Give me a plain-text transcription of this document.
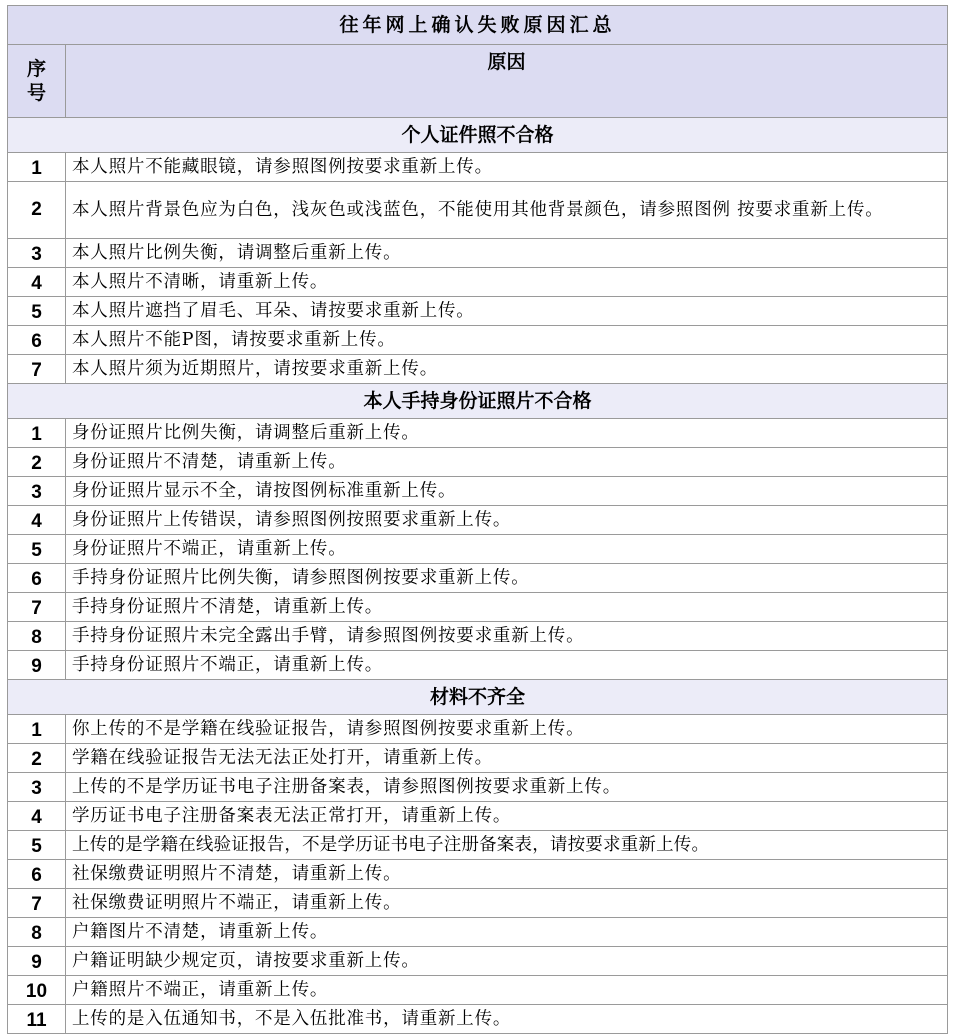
往年网上确认失败原因汇总	
序
号	原因
个人证件照不合格	
1	本人照片不能藏眼镜，请参照图例按要求重新上传。
2	本人照片背景色应为白色，浅灰色或浅蓝色，不能使用其他背景颜色，请参照图例 按要求重新上传。
3	本人照片比例失衡，请调整后重新上传。
4	本人照片不清晰，请重新上传。
5	本人照片遮挡了眉毛、耳朵、请按要求重新上传。
6	本人照片不能P图，请按要求重新上传。
7	本人照片须为近期照片，请按要求重新上传。
本人手持身份证照片不合格	
1	身份证照片比例失衡，请调整后重新上传。
2	身份证照片不清楚，请重新上传。
3	身份证照片显示不全，请按图例标准重新上传。
4	身份证照片上传错误，请参照图例按照要求重新上传。
5	身份证照片不端正，请重新上传。
6	手持身份证照片比例失衡，请参照图例按要求重新上传。
7	手持身份证照片不清楚，请重新上传。
8	手持身份证照片未完全露出手臂，请参照图例按要求重新上传。
9	手持身份证照片不端正，请重新上传。
材料不齐全	
1	你上传的不是学籍在线验证报告，请参照图例按要求重新上传。
2	学籍在线验证报告无法无法正处打开，请重新上传。
3	上传的不是学历证书电子注册备案表，请参照图例按要求重新上传。
4	学历证书电子注册备案表无法正常打开，请重新上传。
5	上传的是学籍在线验证报告，不是学历证书电子注册备案表，请按要求重新上传。
6	社保缴费证明照片不清楚，请重新上传。
7	社保缴费证明照片不端正，请重新上传。
8	户籍图片不清楚，请重新上传。
9	户籍证明缺少规定页，请按要求重新上传。
10	户籍照片不端正，请重新上传。
11	上传的是入伍通知书，不是入伍批准书，请重新上传。
